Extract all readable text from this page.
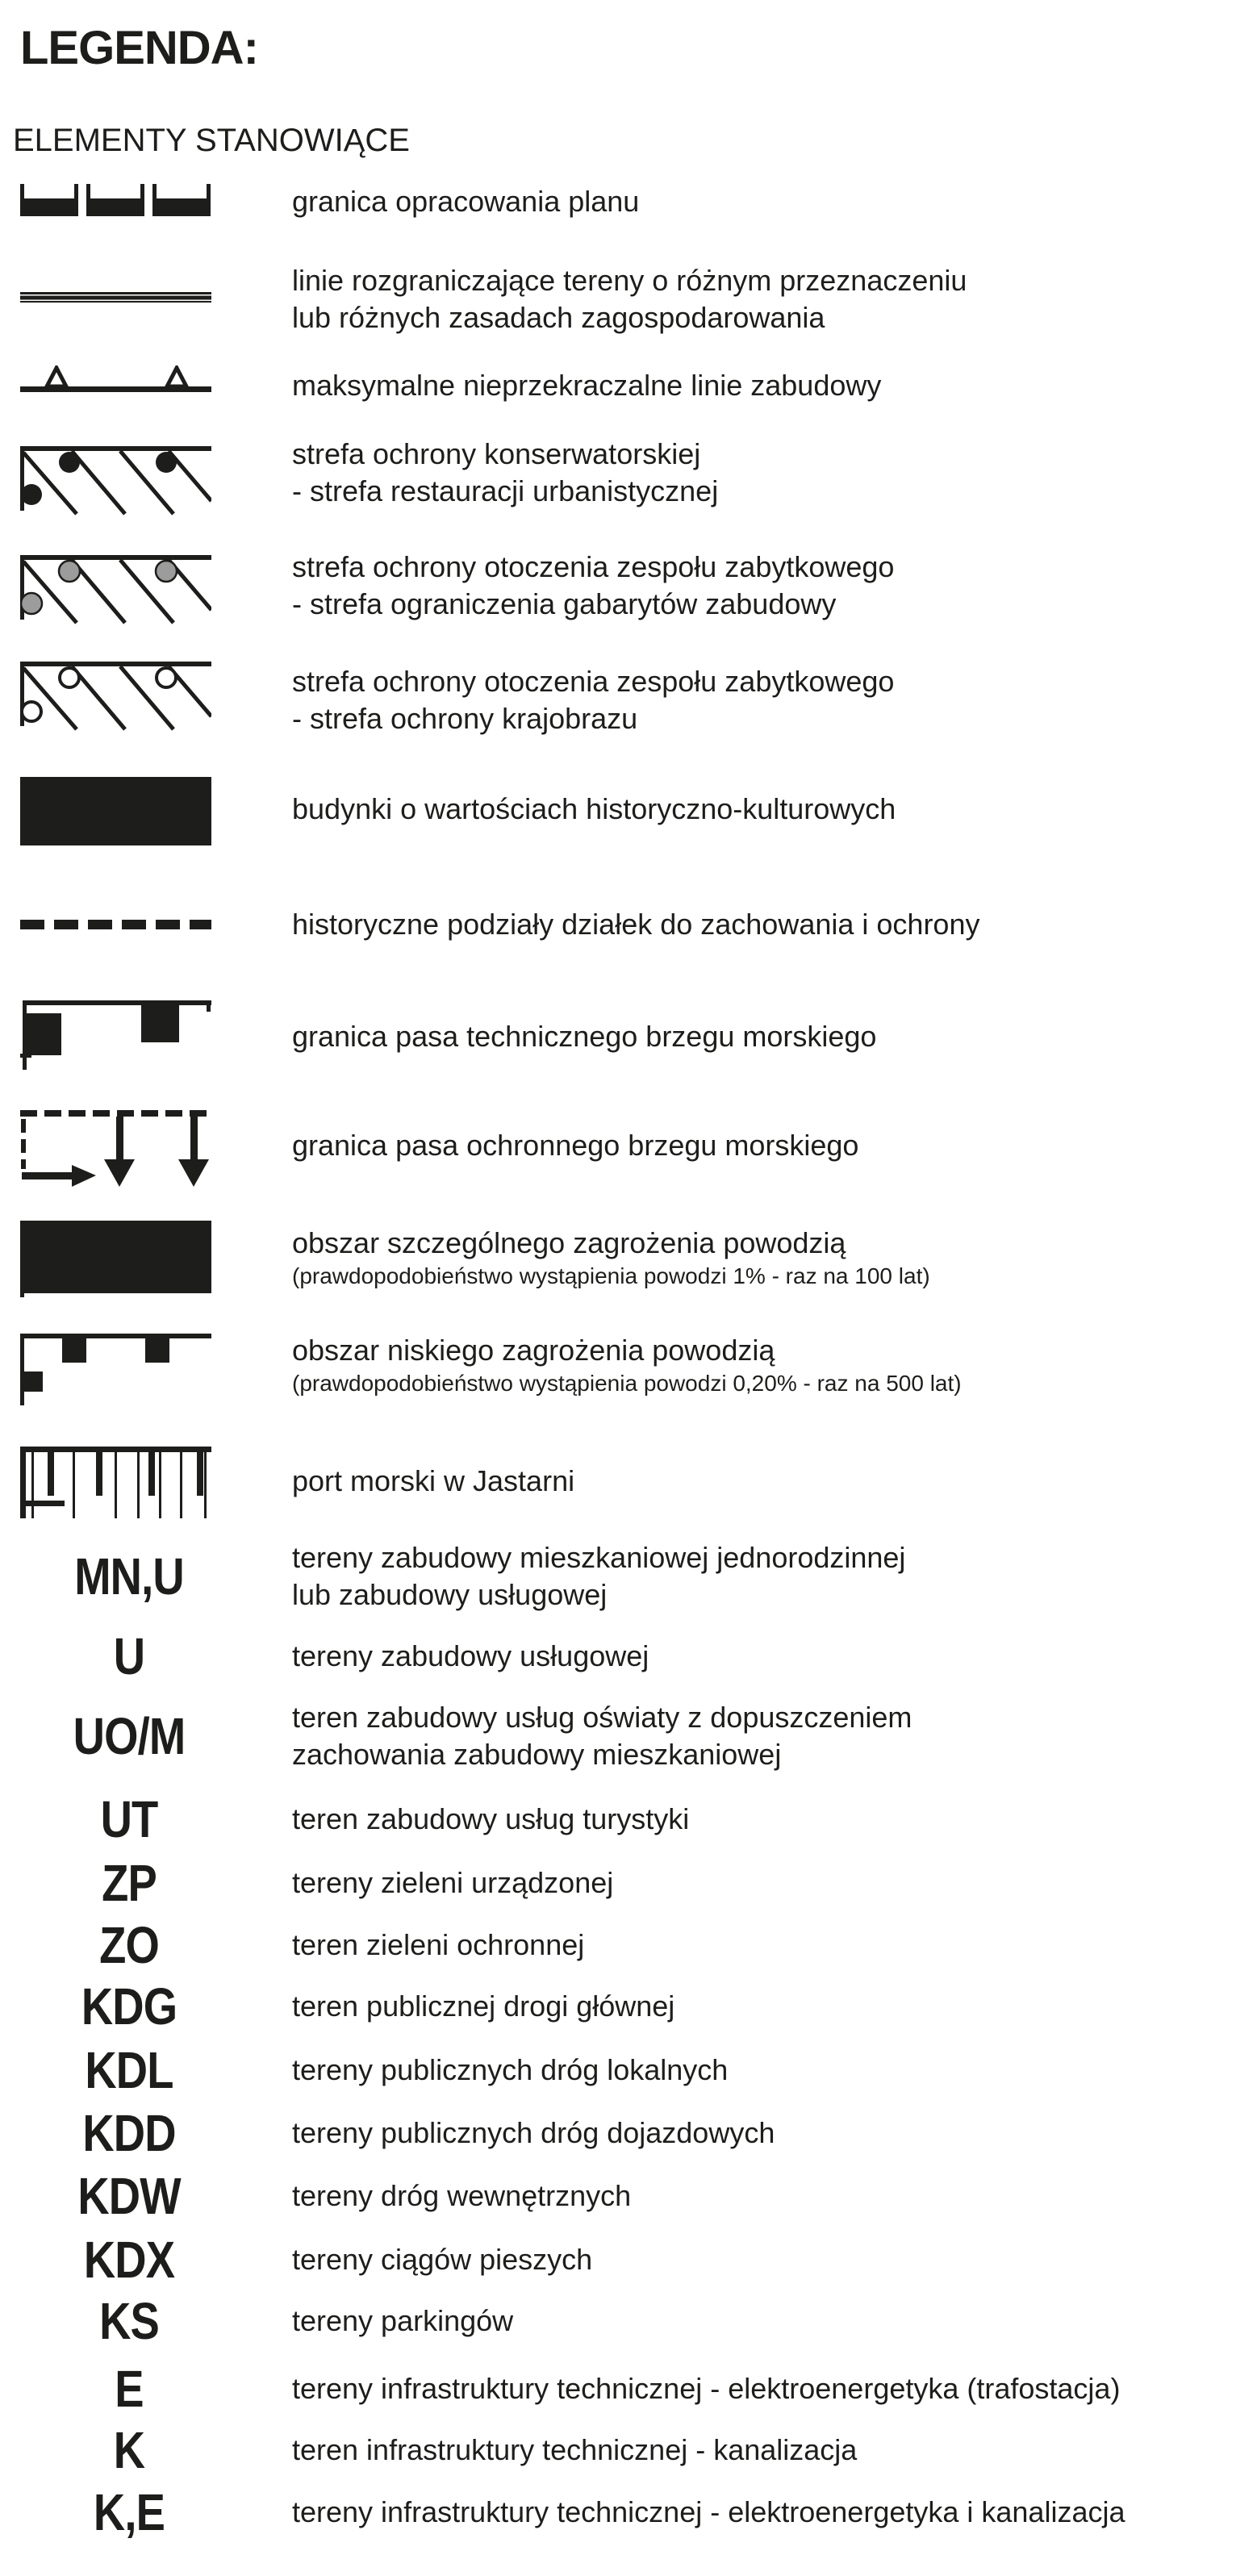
LEGENDA:
ELEMENTY STANOWIĄCE
granica opracowania planu
linie rozgraniczające tereny o różnym przeznaczeniu
lub różnych zasadach zagospodarowania
maksymalne nieprzekraczalne linie zabudowy
strefa ochrony konserwatorskiej
- strefa restauracji urbanistycznej
strefa ochrony otoczenia zespołu zabytkowego
- strefa ograniczenia gabarytów zabudowy
strefa ochrony otoczenia zespołu zabytkowego
- strefa ochrony krajobrazu
budynki o wartościach historyczno-kulturowych
historyczne podziały działek do zachowania i ochrony
granica pasa technicznego brzegu morskiego
granica pasa ochronnego brzegu morskiego
ZZ	obszar szczególnego zagrożenia powodzią
(prawdopodobieństwo wystąpienia powodzi 1% - raz na 100 lat)
obszar niskiego zagrożenia powodzią
(prawdopodobieństwo wystąpienia powodzi 0,20% - raz na 500 lat)
port morski w Jastarni
MN,U	tereny zabudowy mieszkaniowej jednorodzinnej
lub zabudowy usługowej
U	tereny zabudowy usługowej
UO/M	teren zabudowy usług oświaty z dopuszczeniem
zachowania zabudowy mieszkaniowej
UT	teren zabudowy usług turystyki
ZP	tereny zieleni urządzonej
ZO	teren zieleni ochronnej
KDG	teren publicznej drogi głównej
KDL	tereny publicznych dróg lokalnych
KDD	tereny publicznych dróg dojazdowych
KDW	tereny dróg wewnętrznych
KDX	tereny ciągów pieszych
KS	tereny parkingów
E	tereny infrastruktury technicznej - elektroenergetyka (trafostacja)
K	teren infrastruktury technicznej - kanalizacja
K,E	tereny infrastruktury technicznej - elektroenergetyka i kanalizacja
